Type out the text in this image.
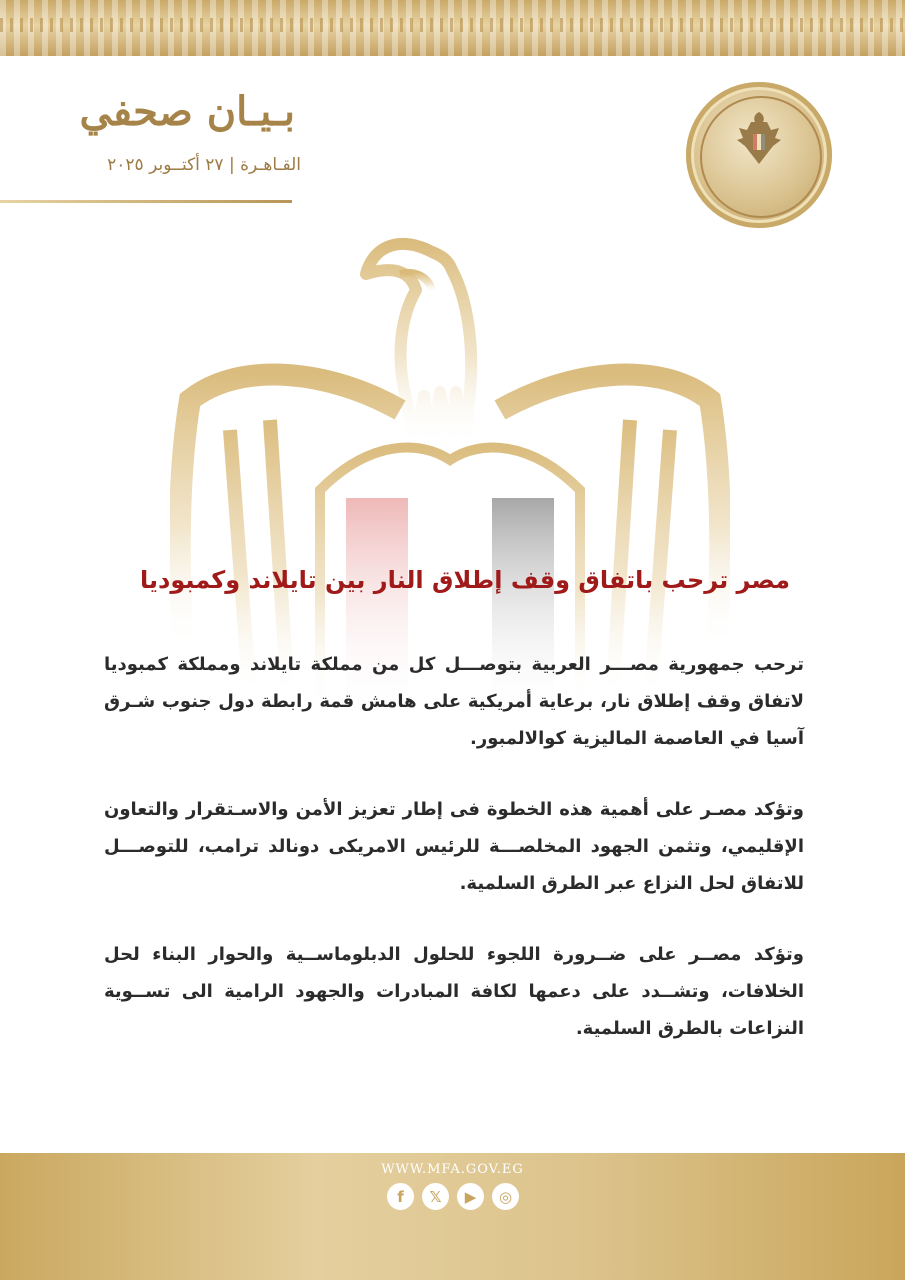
بـيـان صحفي
القـاهـرة | ٢٧ أكتــوبر ٢٠٢٥
مصر ترحب باتفاق وقف إطلاق النار بين تايلاند وكمبوديا
ترحب جمهورية مصـــر العربية بتوصـــل كل من مملكة تايلاند ومملكة كمبوديا لاتفاق وقف إطلاق نار، برعاية أمريكية على هامش قمة رابطة دول جنوب شـرق آسيا في العاصمة الماليزية كوالالمبور.
وتؤكد مصـر على أهمية هذه الخطوة فى إطار تعزيز الأمن والاسـتقرار والتعاون الإقليمي، وتثمن الجهود المخلصـــة للرئيس الامريكى دونالد ترامب، للتوصـــل للاتفاق لحل النزاع عبر الطرق السلمية.
وتؤكد مصــر على ضــرورة اللجوء للحلول الدبلوماســية والحوار البناء لحل الخلافات، وتشــدد على دعمها لكافة المبادرات والجهود الرامية الى تســوية النزاعات بالطرق السلمية.
WWW.MFA.GOV.EG
f	𝕏	▶	◎
